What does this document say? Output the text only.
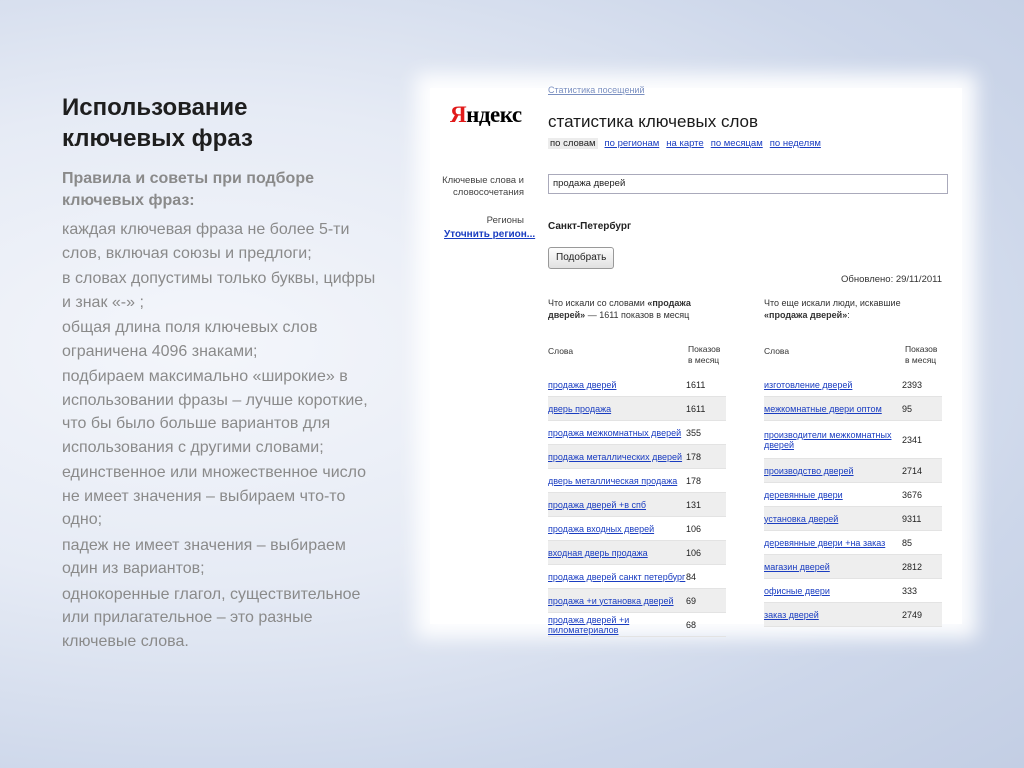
Использование
ключевых фраз
Правила и советы при подборе ключевых фраз:

каждая ключевая фраза не более 5-ти слов, включая союзы и предлоги;

в словах допустимы только буквы, цифры и знак «-» ;

общая длина поля ключевых слов ограничена 4096 знаками;

подбираем максимально «широкие» в использовании фразы – лучше короткие, что бы было больше вариантов для использования с другими словами;

единственное или множественное число не имеет значения – выбираем что-то одно;

падеж не имеет значения – выбираем один из вариантов;

однокоренные глагол, существительное или прилагательное – это разные ключевые слова.

Статистика посещений
Яндекс статистика ключевых слов
по словам по регионам на карте по месяцам по неделям
Ключевые слова и словосочетания
Регионы
Уточнить регион...
продажа дверей
Санкт-Петербург
Подобрать
Обновлено: 29/11/2011
Что искали со словами «продажа дверей» — 1611 показов в месяц
Слова	Показов в месяц
продажа дверей	1611
дверь продажа	1611
продажа межкомнатных дверей 355
продажа металлических дверей 178
дверь металлическая продажа 178
продажа дверей +в спб	131
продажа входных дверей	106
входная дверь продажа	106
продажа дверей санкт петербург 84
продажа +и установка дверей	69
продажа дверей +и пиломатериалов	68
Что еще искали люди, искавшие «продажа дверей»:
Слова	Показов в месяц
изготовление дверей	2393
межкомнатные двери оптом	95
производители межкомнатных дверей	2341
производство дверей	2714
деревянные двери	3676
установка дверей	9311
деревянные двери +на заказ	85
магазин дверей	2812
офисные двери	333
заказ дверей	2749
